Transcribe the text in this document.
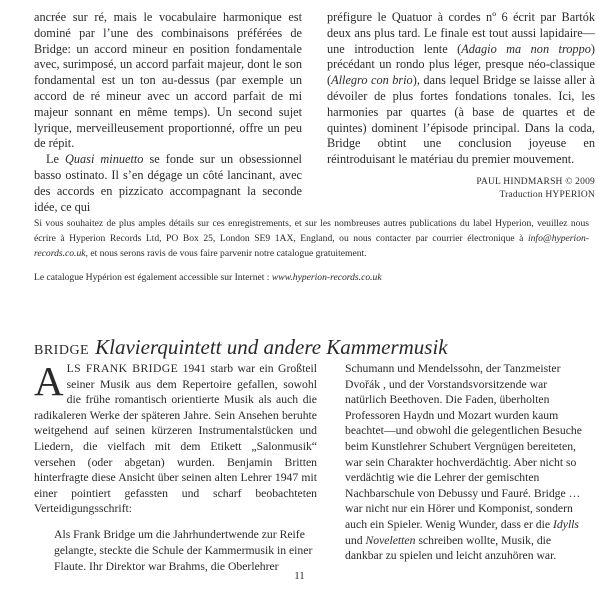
ancrée sur ré, mais le vocabulaire harmonique est dominé par l’une des combinaisons préférées de Bridge: un accord mineur en position fondamentale avec, surimposé, un accord parfait majeur, dont le son fondamental est un ton au-dessus (par exemple un accord de ré mineur avec un accord parfait de mi majeur sonnant en même temps). Un second sujet lyrique, merveilleusement proportionné, offre un peu de répit.

Le Quasi minuetto se fonde sur un obsessionnel basso ostinato. Il s’en dégage un côté lancinant, avec des accords en pizzicato accompagnant la seconde idée, ce qui

préfigure le Quatuor à cordes nº 6 écrit par Bartók deux ans plus tard. Le finale est tout aussi lapidaire—une introduction lente (Adagio ma non troppo) précédant un rondo plus léger, presque néo-classique (Allegro con brio), dans lequel Bridge se laisse aller à dévoiler de plus fortes fondations tonales. Ici, les harmonies par quartes (à base de quartes et de quintes) dominent l’épisode principal. Dans la coda, Bridge obtint une conclusion joyeuse en réintroduisant le matériau du premier mouvement.

PAUL HINDMARSH © 2009
Traduction HYPERION
Si vous souhaitez de plus amples détails sur ces enregistrements, et sur les nombreuses autres publications du label Hyperion, veuillez nous écrire à Hyperion Records Ltd, PO Box 25, London SE9 1AX, England, ou nous contacter par courrier électronique à info@hyperion-records.co.uk, et nous serons ravis de vous faire parvenir notre catalogue gratuitement.
Le catalogue Hypérion est également accessible sur Internet : www.hyperion-records.co.uk
BRIDGE Klavierquintett und andere Kammermusik

ALS FRANK BRIDGE 1941 starb war ein Großteil seiner Musik aus dem Repertoire gefallen, sowohl die frühe romantisch orientierte Musik als auch die radikaleren Werke der späteren Jahre. Sein Ansehen beruhte weitgehend auf seinen kürzeren Instrumentalstücken und Liedern, die vielfach mit dem Etikett „Salonmusik“ versehen (oder abgetan) wurden. Benjamin Britten hinterfragte diese Ansicht über seinen alten Lehrer 1947 mit einer pointiert gefassten und scharf beobachteten Verteidigungsschrift:

Als Frank Bridge um die Jahrhundertwende zur Reife gelangte, steckte die Schule der Kammermusik in einer Flaute. Ihr Direktor war Brahms, die Oberlehrer

Schumann und Mendelssohn, der Tanzmeister Dvořák , und der Vorstandsvorsitzende war natürlich Beethoven. Die Faden, überholten Professoren Haydn und Mozart wurden kaum beachtet—und obwohl die gelegentlichen Besuche beim Kunstlehrer Schubert Vergnügen bereiteten, war sein Charakter hochverdächtig. Aber nicht so verdächtig wie die Lehrer der gemischten Nachbarschule von Debussy und Fauré. Bridge … war nicht nur ein Hörer und Komponist, sondern auch ein Spieler. Wenig Wunder, dass er die Idylls und Noveletten schreiben wollte, Musik, die dankbar zu spielen und leicht anzuhören war.

11
